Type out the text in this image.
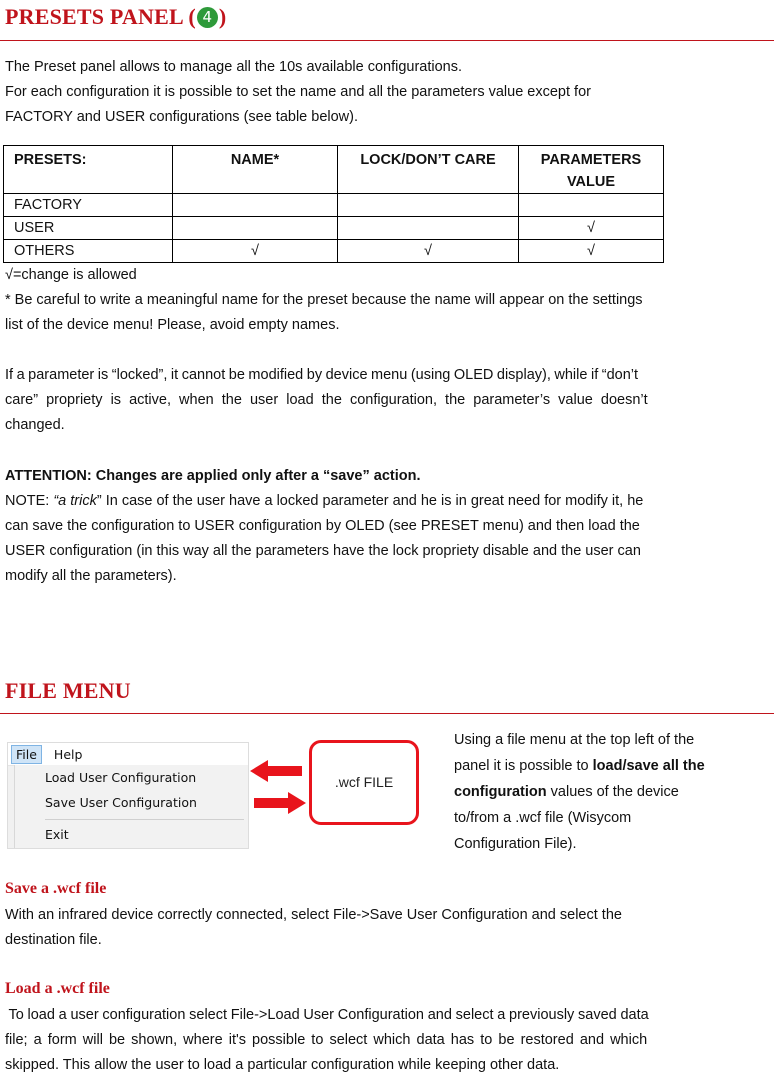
PRESETS PANEL ( 4 )
The Preset panel allows to manage all the 10s available configurations.
For each configuration it is possible to set the name and all the parameters value except for
FACTORY and USER configurations (see table below).
PRESETS:	NAME*	LOCK/DON’T CARE	PARAMETERS VALUE
FACTORY			
USER			√
OTHERS	√	√	√
√=change is allowed
* Be careful to write a meaningful name for the preset because the name will appear on the settings
list of the device menu! Please, avoid empty names.
If a parameter is “locked”, it cannot be modified by device menu (using OLED display), while if “don’t
care”  propriety  is  active,  when  the  user  load  the  configuration,  the  parameter’s  value  doesn’t
changed.
ATTENTION: Changes are applied only after a “save” action.
NOTE: “a trick” In case of the user have a locked parameter and he is in great need for modify it, he
can save the configuration to USER configuration by OLED (see PRESET menu) and then load the
USER configuration (in this way all the parameters have the lock propriety disable and the user can
modify all the parameters).
FILE MENU
File	Help
Load User Configuration
Save User Configuration
Exit
.wcf FILE
Using a file menu at the top left of the
panel it is possible to load/save all the
configuration values of the device
to/from a .wcf file (Wisycom
Configuration File).
Save a .wcf file
With an infrared device correctly connected, select File->Save User Configuration and select the
destination file.
Load a .wcf file
To load a user configuration select File->Load User Configuration and select a previously saved data
file;  a  form  will  be  shown,  where  it's  possible  to  select  which  data  has  to  be  restored  and  which
skipped. This allow the user to load a particular configuration while keeping other data.
